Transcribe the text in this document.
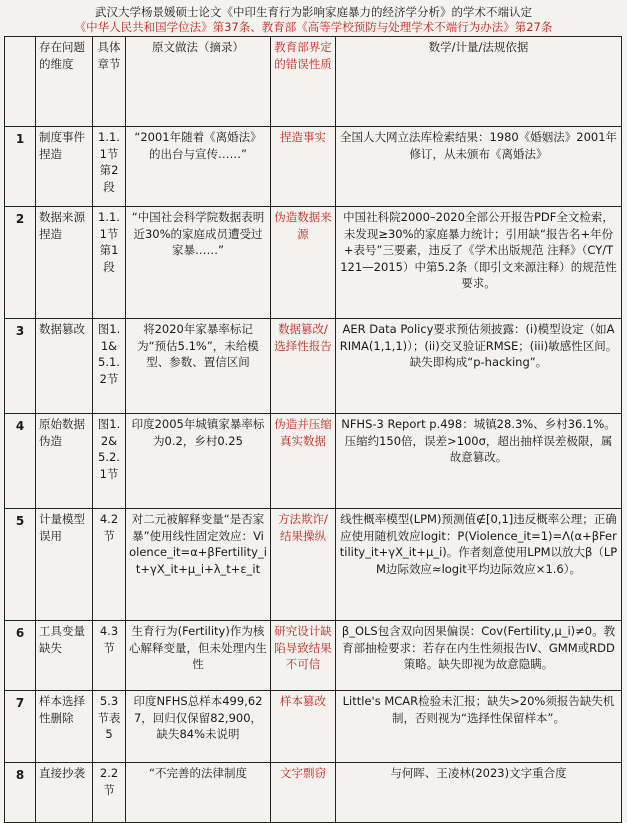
武汉大学杨景媛硕士论文《中印生育行为影响家庭暴力的经济学分析》的学术不端认定
《中华人民共和国学位法》第37条、教育部《高等学校预防与处理学术不端行为办法》第27条
	存在问题的维度	具体章节	原文做法（摘录）	教育部界定的错误性质	数学/计量/法规依据
1	制度事件捏造	1.1.1节第2段	“2001年随着《离婚法》的出台与宣传……”	捏造事实	全国人大网立法库检索结果：1980《婚姻法》2001年修订，从未颁布《离婚法》
2	数据来源捏造	1.1.1节第1段	“中国社会科学院数据表明近30%的家庭成员遭受过家暴……”	伪造数据来源	中国社科院2000–2020全部公开报告PDF全文检索，未发现≥30%的家庭暴力统计；引用缺“报告名+年份+表号”三要素，违反了《学术出版规范 注释》（CY/T 121—2015）中第5.2条（即引文来源注释）的规范性要求。
3	数据篡改	图1.1&5.1.2节	将2020年家暴率标记为“预估5.1%”，未给模型、参数、置信区间	数据篡改/选择性报告	AER Data Policy要求预估须披露：(i)模型设定（如ARIMA(1,1,1)）；(ii)交叉验证RMSE；(iii)敏感性区间。缺失即构成“p-hacking”。
4	原始数据伪造	图1.2&5.2.1节	印度2005年城镇家暴率标为0.2，乡村0.25	伪造并压缩真实数据	NFHS-3 Report p.498：城镇28.3%、乡村36.1%。压缩约150倍，误差>100σ，超出抽样误差极限，属故意篡改。
5	计量模型误用	4.2节	对二元被解释变量“是否家暴”使用线性固定效应：Violence_it=α+βFertility_it+γX_it+μ_i+λ_t+ε_it	方法欺诈/结果操纵	线性概率模型(LPM)预测值∉[0,1]违反概率公理；正确应使用随机效应logit：P(Violence_it=1)=Λ(α+βFertility_it+γX_it+μ_i)。作者刻意使用LPM以放大β（LPM边际效应≈logit平均边际效应×1.6）。
6	工具变量缺失	4.3节	生育行为(Fertility)作为核心解释变量，但未处理内生性	研究设计缺陷导致结果不可信	β_OLS包含双向因果偏误：Cov(Fertility,μ_i)≠0。教育部抽检要求：若存在内生性须报告IV、GMM或RDD策略。缺失即视为故意隐瞒。
7	样本选择性删除	5.3节表5	印度NFHS总样本499,627，回归仅保留82,900，缺失84%未说明	样本篡改	Little's MCAR检验未汇报；缺失>20%须报告缺失机制，否则视为“选择性保留样本”。
8	直接抄袭	2.2节	“不完善的法律制度	文字剽窃	与何晖、王凌林(2023)文字重合度
